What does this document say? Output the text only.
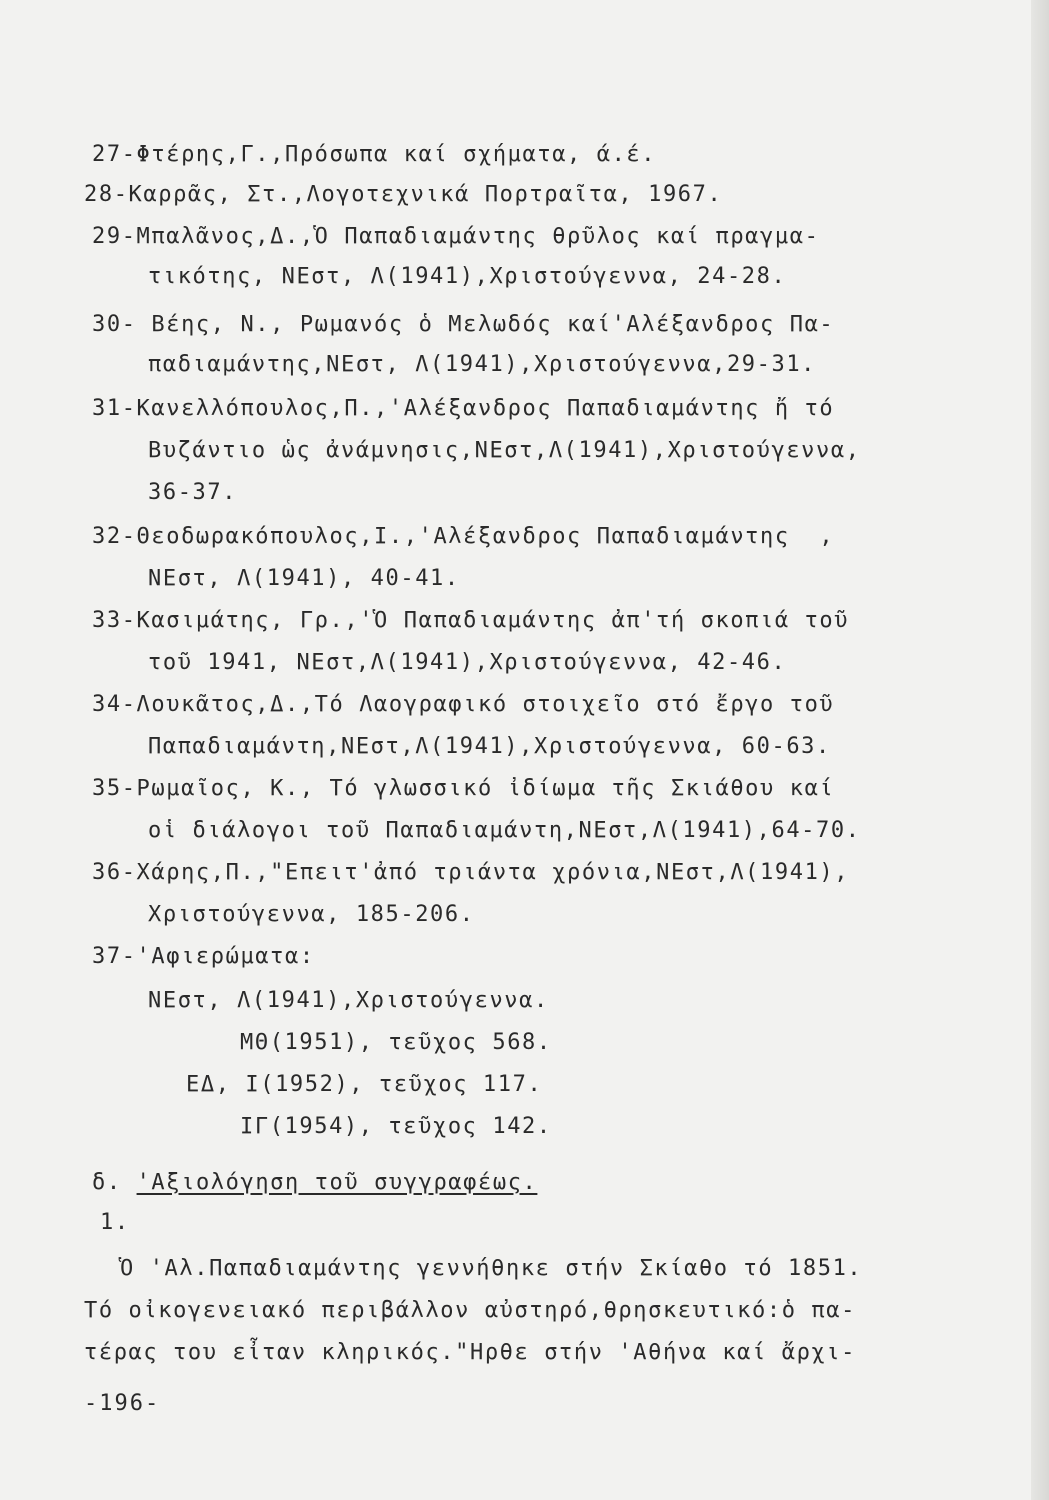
27-Φτέρης,Γ.,Πρόσωπα καί σχήματα, ά.έ.
28-Καρρᾶς, Στ.,Λογοτεχνικά Πορτραῖτα, 1967.
29-Μπαλᾶνος,Δ.,Ὁ Παπαδιαμάντης θρῦλος καί πραγμα-
τικότης, ΝΕστ, Λ(1941),Χριστούγεννα, 24-28.
30- Βέης, Ν., Ρωμανός ὁ Μελωδός καί'Αλέξανδρος Πα-
παδιαμάντης,ΝΕστ, Λ(1941),Χριστούγεννα,29-31.
31-Κανελλόπουλος,Π.,'Αλέξανδρος Παπαδιαμάντης ἤ τό
Βυζάντιο ὡς ἀνάμνησις,ΝΕστ,Λ(1941),Χριστούγεννα,
36-37.
32-Θεοδωρακόπουλος,Ι.,'Αλέξανδρος Παπαδιαμάντης  ,
ΝΕστ, Λ(1941), 40-41.
33-Κασιμάτης, Γρ.,'Ὁ Παπαδιαμάντης ἀπ'τή σκοπιά τοῦ
τοῦ 1941, ΝΕστ,Λ(1941),Χριστούγεννα, 42-46.
34-Λουκᾶτος,Δ.,Τό Λαογραφικό στοιχεῖο στό ἔργο τοῦ
Παπαδιαμάντη,ΝΕστ,Λ(1941),Χριστούγεννα, 60-63.
35-Ρωμαῖος, Κ., Τό γλωσσικό ἰδίωμα τῆς Σκιάθου καί
οἱ διάλογοι τοῦ Παπαδιαμάντη,ΝΕστ,Λ(1941),64-70.
36-Χάρης,Π.,"Επειτ'ἀπό τριάντα χρόνια,ΝΕστ,Λ(1941),
Χριστούγεννα, 185-206.
37-'Αφιερώματα:
ΝΕστ, Λ(1941),Χριστούγεννα.
ΜΘ(1951), τεῦχος 568.
ΕΔ, Ι(1952), τεῦχος 117.
ΙΓ(1954), τεῦχος 142.
δ. 'Αξιολόγηση τοῦ συγγραφέως.
1.
Ὁ 'Αλ.Παπαδιαμάντης γεννήθηκε στήν Σκίαθο τό 1851.
Τό οἰκογενειακό περιβάλλον αὐστηρό,θρησκευτικό:ὁ πα-
τέρας του εἶταν κληρικός."Ηρθε στήν 'Αθήνα καί ἄρχι-
-196-
